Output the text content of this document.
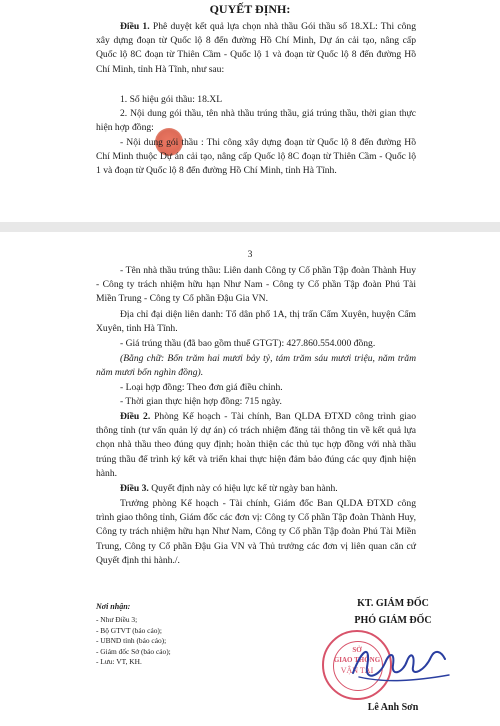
QUYẾT ĐỊNH:
Điều 1. Phê duyệt kết quả lựa chọn nhà thầu Gói thầu số 18.XL: Thi công xây dựng đoạn từ Quốc lộ 8 đến đường Hồ Chí Minh, Dự án cải tạo, nâng cấp Quốc lộ 8C đoạn từ Thiên Cầm - Quốc lộ 1 và đoạn từ Quốc lộ 8 đến đường Hồ Chí Minh, tỉnh Hà Tĩnh, như sau:
1. Số hiệu gói thầu: 18.XL
2. Nội dung gói thầu, tên nhà thầu trúng thầu, giá trúng thầu, thời gian thực hiện hợp đồng:
- Nội dung gói thầu : Thi công xây dựng đoạn từ Quốc lộ 8 đến đường Hồ Chí Minh thuộc Dự án cải tạo, nâng cấp Quốc lộ 8C đoạn từ Thiên Cầm - Quốc lộ 1 và đoạn từ Quốc lộ 8 đến đường Hồ Chí Minh, tỉnh Hà Tĩnh.
3
- Tên nhà thầu trúng thầu: Liên danh Công ty Cổ phần Tập đoàn Thành Huy - Công ty trách nhiệm hữu hạn Như Nam - Công ty Cổ phần Tập đoàn Phú Tài Miền Trung - Công ty Cổ phần Đậu Gia VN.
Địa chỉ đại diện liên danh: Tổ dân phố 1A, thị trấn Cẩm Xuyên, huyện Cẩm Xuyên, tỉnh Hà Tĩnh.
- Giá trúng thầu (đã bao gồm thuế GTGT): 427.860.554.000 đồng.
(Bằng chữ: Bốn trăm hai mươi bảy tỷ, tám trăm sáu mươi triệu, năm trăm năm mươi bốn nghìn đồng).
- Loại hợp đồng: Theo đơn giá điều chỉnh.
- Thời gian thực hiện hợp đồng: 715 ngày.
Điều 2. Phòng Kế hoạch - Tài chính, Ban QLDA ĐTXD công trình giao thông tỉnh (tư vấn quản lý dự án) có trách nhiệm đăng tải thông tin về kết quả lựa chọn nhà thầu theo đúng quy định; hoàn thiện các thủ tục hợp đồng với nhà thầu trúng thầu để trình ký kết và triển khai thực hiện đảm bảo đúng các quy định hiện hành.
Điều 3. Quyết định này có hiệu lực kể từ ngày ban hành.
Trưởng phòng Kế hoạch - Tài chính, Giám đốc Ban QLDA ĐTXD công trình giao thông tỉnh, Giám đốc các đơn vị: Công ty Cổ phần Tập đoàn Thành Huy, Công ty trách nhiệm hữu hạn Như Nam, Công ty Cổ phần Tập đoàn Phú Tài Miền Trung, Công ty Cổ phần Đậu Gia VN và Thủ trưởng các đơn vị liên quan căn cứ Quyết định thi hành./.
Nơi nhận:
- Như Điều 3;
- Bộ GTVT (báo cáo);
- UBND tỉnh (báo cáo);
- Giám đốc Sở (báo cáo);
- Lưu: VT, KH.
KT. GIÁM ĐỐC
PHÓ GIÁM ĐỐC
SỞ
GIAO THÔNG
VẬN TẢI
Lê Anh Sơn
